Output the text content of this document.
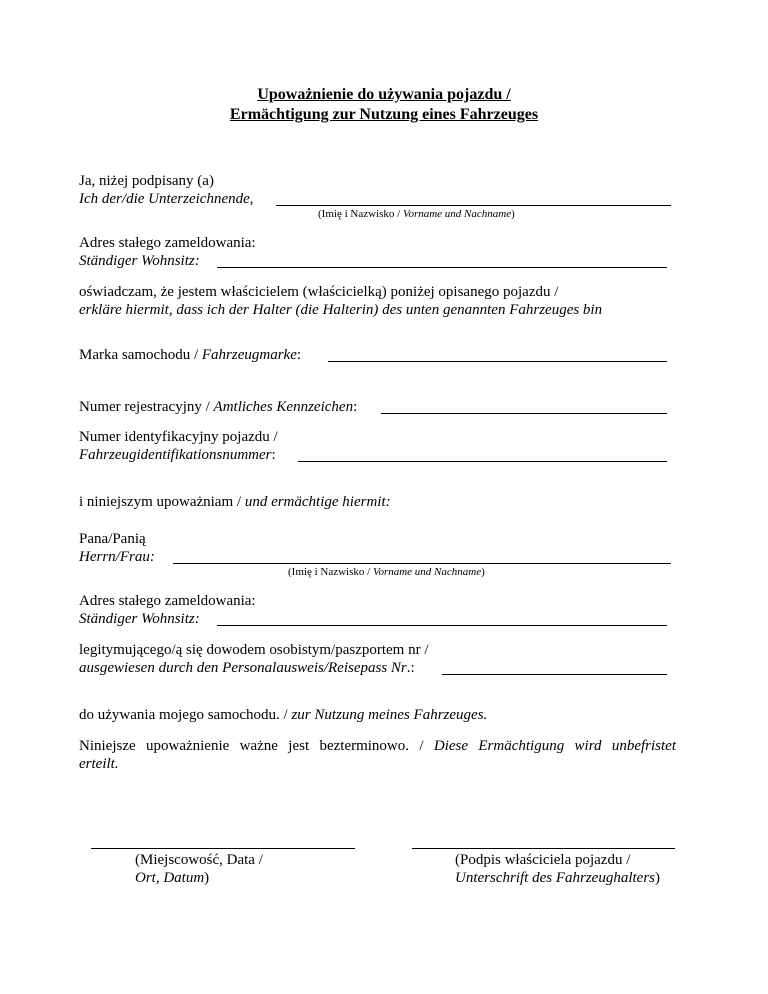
Upoważnienie do używania pojazdu /
Ermächtigung zur Nutzung eines Fahrzeuges
Ja, niżej podpisany (a)
Ich der/die Unterzeichnende,
(Imię i Nazwisko / Vorname und Nachname)
Adres stałego zameldowania:
Ständiger Wohnsitz:
oświadczam, że jestem właścicielem (właścicielką) poniżej opisanego pojazdu /
erkläre hiermit, dass ich der Halter (die Halterin) des unten genannten Fahrzeuges bin
Marka samochodu / Fahrzeugmarke:
Numer rejestracyjny / Amtliches Kennzeichen:
Numer identyfikacyjny pojazdu /
Fahrzeugidentifikationsnummer:
i niniejszym upoważniam / und ermächtige hiermit:
Pana/Panią
Herrn/Frau:
(Imię i Nazwisko / Vorname und Nachname)
Adres stałego zameldowania:
Ständiger Wohnsitz:
legitymującego/ą się dowodem osobistym/paszportem nr /
ausgewiesen durch den Personalausweis/Reisepass Nr.:
do używania mojego samochodu. / zur Nutzung meines Fahrzeuges.
Niniejsze upoważnienie ważne jest bezterminowo. / Diese Ermächtigung wird unbefristet
erteilt.
(Miejscowość, Data /
Ort, Datum)
(Podpis właściciela pojazdu /
Unterschrift des Fahrzeughalters)
